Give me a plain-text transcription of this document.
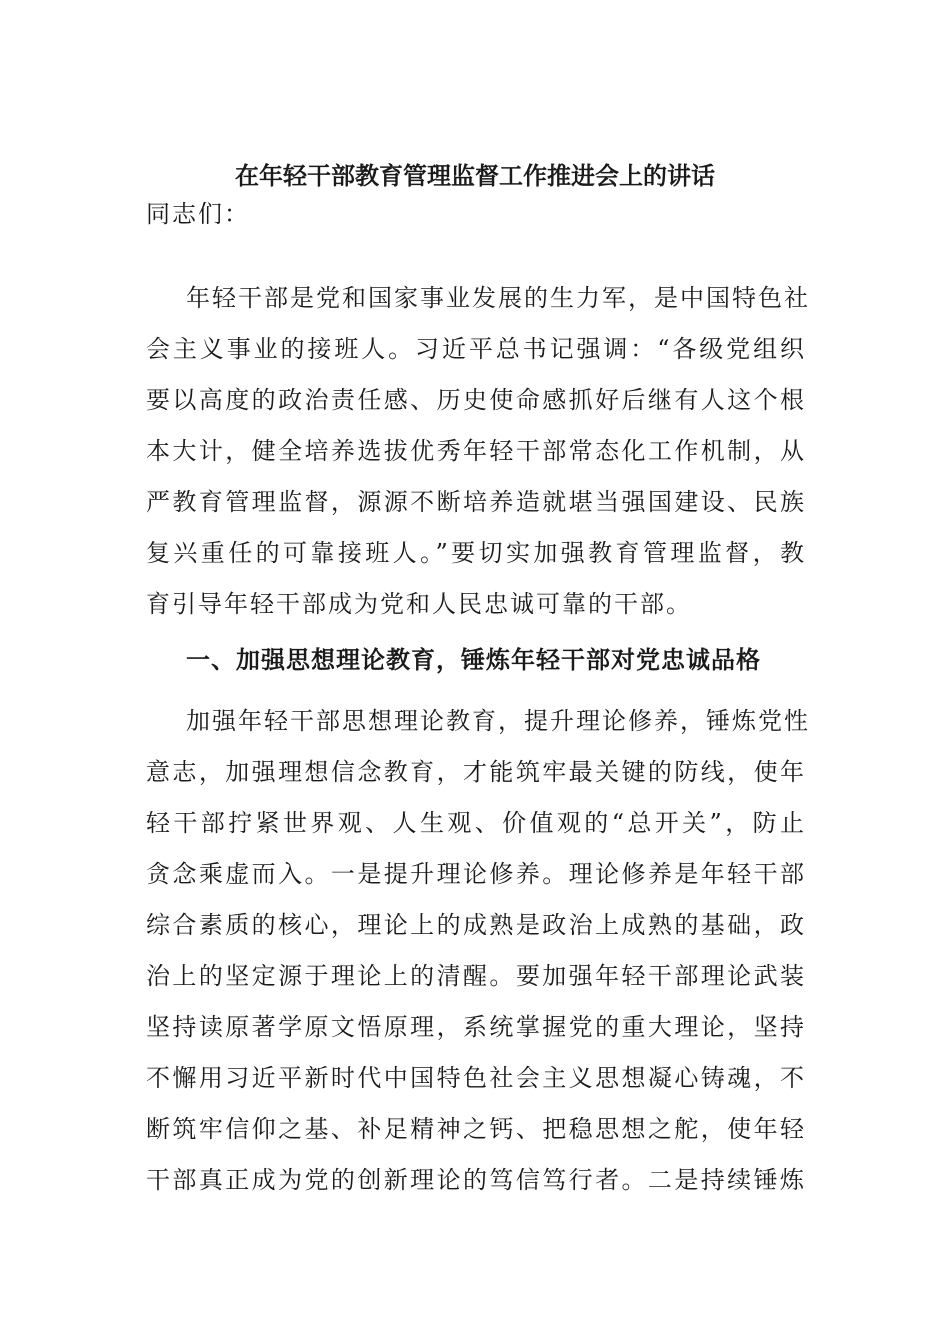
在年轻干部教育管理监督工作推进会上的讲话
同志们：
年轻干部是党和国家事业发展的生力军，是中国特色社
会主义事业的接班人。习近平总书记强调：“各级党组织
要以高度的政治责任感、历史使命感抓好后继有人这个根
本大计，健全培养选拔优秀年轻干部常态化工作机制，从
严教育管理监督，源源不断培养造就堪当强国建设、民族
复兴重任的可靠接班人。”要切实加强教育管理监督，教
育引导年轻干部成为党和人民忠诚可靠的干部。
一、加强思想理论教育，锤炼年轻干部对党忠诚品格
加强年轻干部思想理论教育，提升理论修养，锤炼党性
意志，加强理想信念教育，才能筑牢最关键的防线，使年
轻干部拧紧世界观、人生观、价值观的“总开关”，防止
贪念乘虚而入。一是提升理论修养。理论修养是年轻干部
综合素质的核心，理论上的成熟是政治上成熟的基础，政
治上的坚定源于理论上的清醒。要加强年轻干部理论武装
坚持读原著学原文悟原理，系统掌握党的重大理论，坚持
不懈用习近平新时代中国特色社会主义思想凝心铸魂，不
断筑牢信仰之基、补足精神之钙、把稳思想之舵，使年轻
干部真正成为党的创新理论的笃信笃行者。二是持续锤炼
